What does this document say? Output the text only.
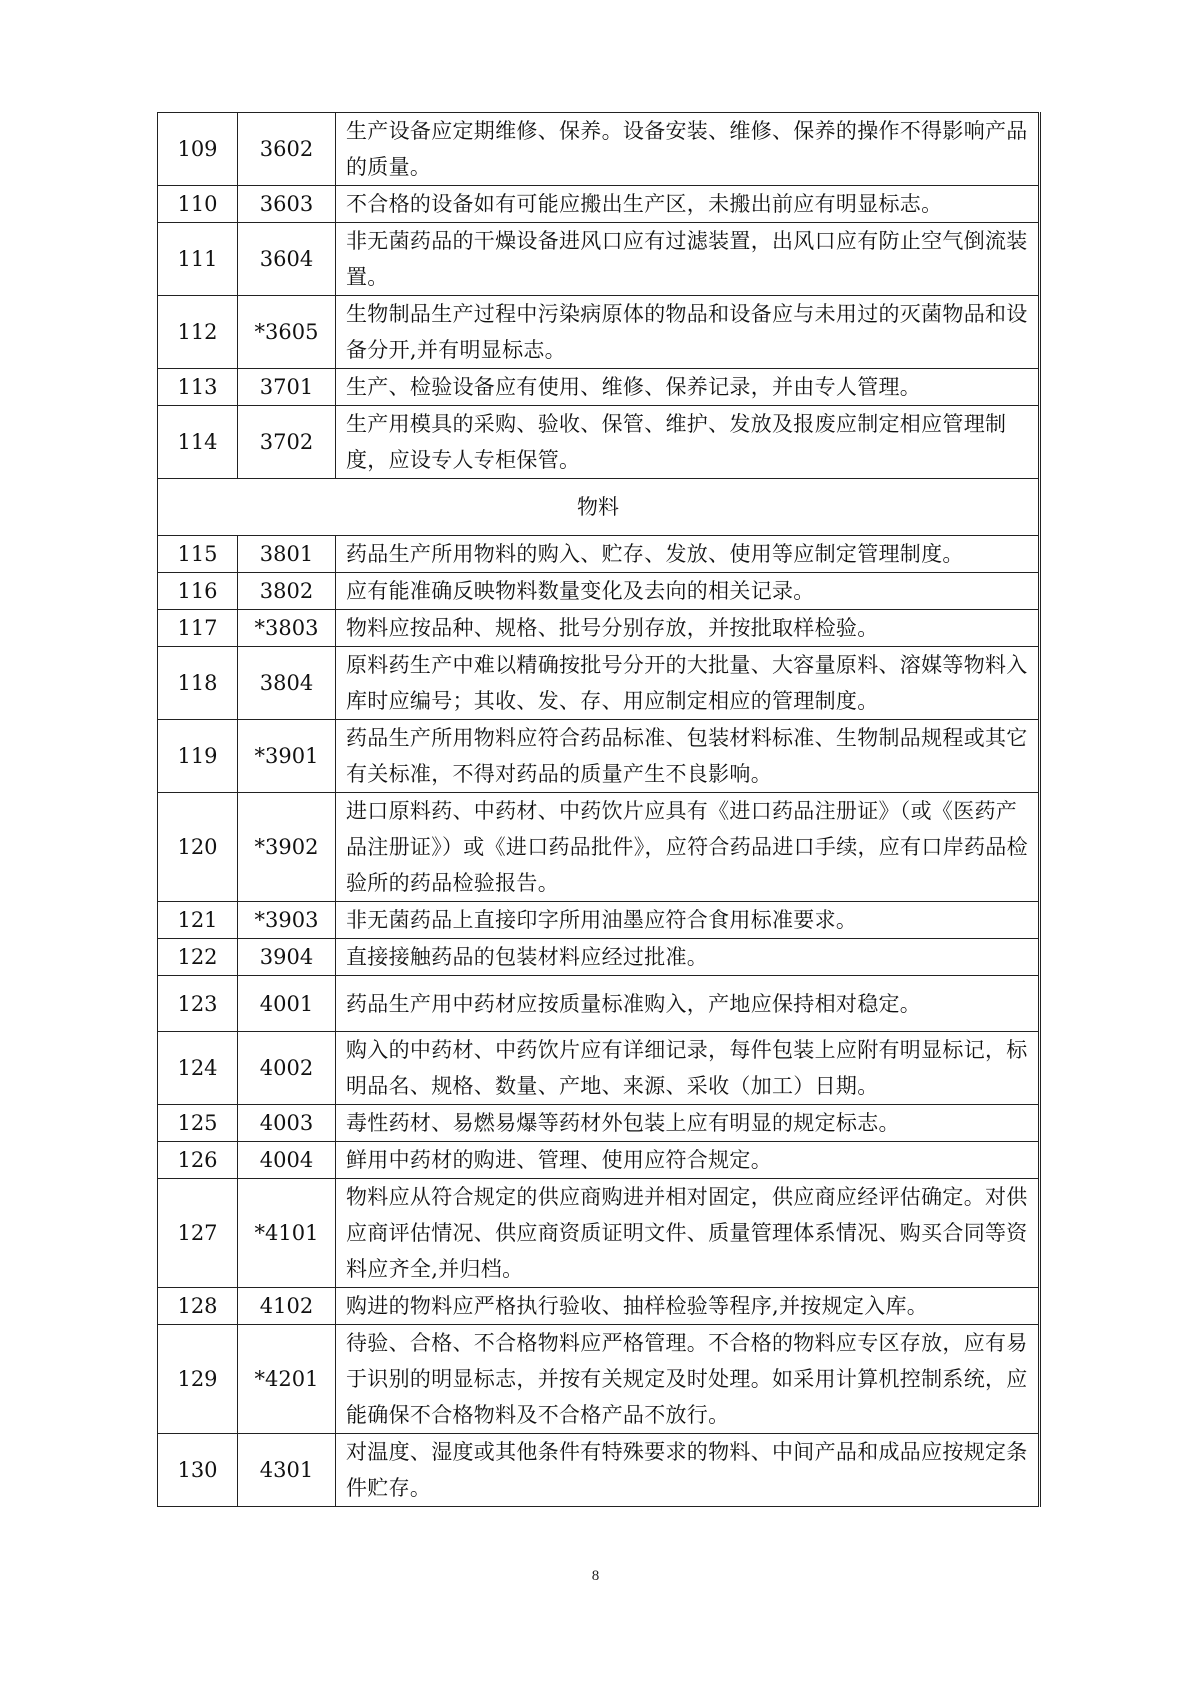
109	3602	生产设备应定期维修、保养。设备安装、维修、保养的操作不得影响产品的质量。
110	3603	不合格的设备如有可能应搬出生产区，未搬出前应有明显标志。
111	3604	非无菌药品的干燥设备进风口应有过滤装置，出风口应有防止空气倒流装置。
112	*3605	生物制品生产过程中污染病原体的物品和设备应与未用过的灭菌物品和设备分开,并有明显标志。
113	3701	生产、检验设备应有使用、维修、保养记录，并由专人管理。
114	3702	生产用模具的采购、验收、保管、维护、发放及报废应制定相应管理制度，应设专人专柜保管。
物料		
115	3801	药品生产所用物料的购入、贮存、发放、使用等应制定管理制度。
116	3802	应有能准确反映物料数量变化及去向的相关记录。
117	*3803	物料应按品种、规格、批号分别存放，并按批取样检验。
118	3804	原料药生产中难以精确按批号分开的大批量、大容量原料、溶媒等物料入库时应编号；其收、发、存、用应制定相应的管理制度。
119	*3901	药品生产所用物料应符合药品标准、包装材料标准、生物制品规程或其它有关标准，不得对药品的质量产生不良影响。
120	*3902	进口原料药、中药材、中药饮片应具有《进口药品注册证》（或《医药产品注册证》）或《进口药品批件》，应符合药品进口手续，应有口岸药品检验所的药品检验报告。
121	*3903	非无菌药品上直接印字所用油墨应符合食用标准要求。
122	3904	直接接触药品的包装材料应经过批准。
123	4001	药品生产用中药材应按质量标准购入，产地应保持相对稳定。
124	4002	购入的中药材、中药饮片应有详细记录，每件包装上应附有明显标记，标明品名、规格、数量、产地、来源、采收（加工）日期。
125	4003	毒性药材、易燃易爆等药材外包装上应有明显的规定标志。
126	4004	鲜用中药材的购进、管理、使用应符合规定。
127	*4101	物料应从符合规定的供应商购进并相对固定，供应商应经评估确定。对供应商评估情况、供应商资质证明文件、质量管理体系情况、购买合同等资料应齐全,并归档。
128	4102	购进的物料应严格执行验收、抽样检验等程序,并按规定入库。
129	*4201	待验、合格、不合格物料应严格管理。不合格的物料应专区存放，应有易于识别的明显标志，并按有关规定及时处理。如采用计算机控制系统，应能确保不合格物料及不合格产品不放行。
130	4301	对温度、湿度或其他条件有特殊要求的物料、中间产品和成品应按规定条件贮存。
8
